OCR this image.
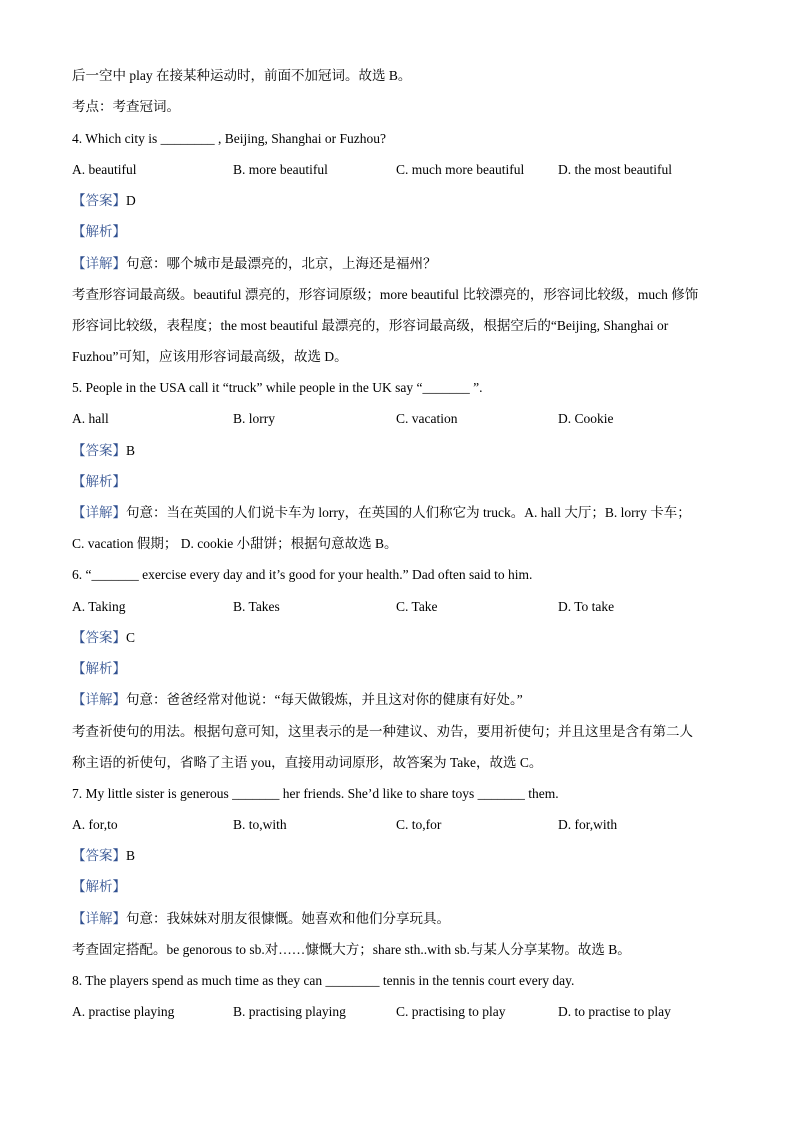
后一空中 play 在接某种运动时，前面不加冠词。故选 B。
考点：考查冠词。
4. Which city is ________ , Beijing, Shanghai or Fuzhou?
A. beautiful	B. more beautiful	C. much more beautiful	D. the most beautiful
【答案】D
【解析】
【详解】句意：哪个城市是最漂亮的，北京，上海还是福州？
考查形容词最高级。beautiful 漂亮的，形容词原级；more beautiful 比较漂亮的，形容词比较级，much 修饰
形容词比较级，表程度；the most beautiful 最漂亮的，形容词最高级，根据空后的“Beijing, Shanghai or
Fuzhou”可知，应该用形容词最高级，故选 D。
5. People in the USA call it “truck” while people in the UK say “_______ ”.
A. hall	B. lorry	C. vacation	D. Cookie
【答案】B
【解析】
【详解】句意：当在英国的人们说卡车为 lorry，在英国的人们称它为 truck。A. hall 大厅；B. lorry 卡车；
C. vacation 假期； D. cookie 小甜饼；根据句意故选 B。
6. “_______ exercise every day and it’s good for your health.” Dad often said to him.
A. Taking	B. Takes	C. Take	D. To take
【答案】C
【解析】
【详解】句意：爸爸经常对他说：“每天做锻炼，并且这对你的健康有好处。”
考查祈使句的用法。根据句意可知，这里表示的是一种建议、劝告，要用祈使句；并且这里是含有第二人
称主语的祈使句，省略了主语 you，直接用动词原形，故答案为 Take，故选 C。
7. My little sister is generous _______ her friends. She’d like to share toys _______ them.
A. for,to	B. to,with	C. to,for	D. for,with
【答案】B
【解析】
【详解】句意：我妹妹对朋友很慷慨。她喜欢和他们分享玩具。
考查固定搭配。be genorous to sb.对……慷慨大方；share sth..with sb.与某人分享某物。故选 B。
8. The players spend as much time as they can ________ tennis in the tennis court every day.
A. practise playing	B. practising playing	C. practising to play	D. to practise to play
